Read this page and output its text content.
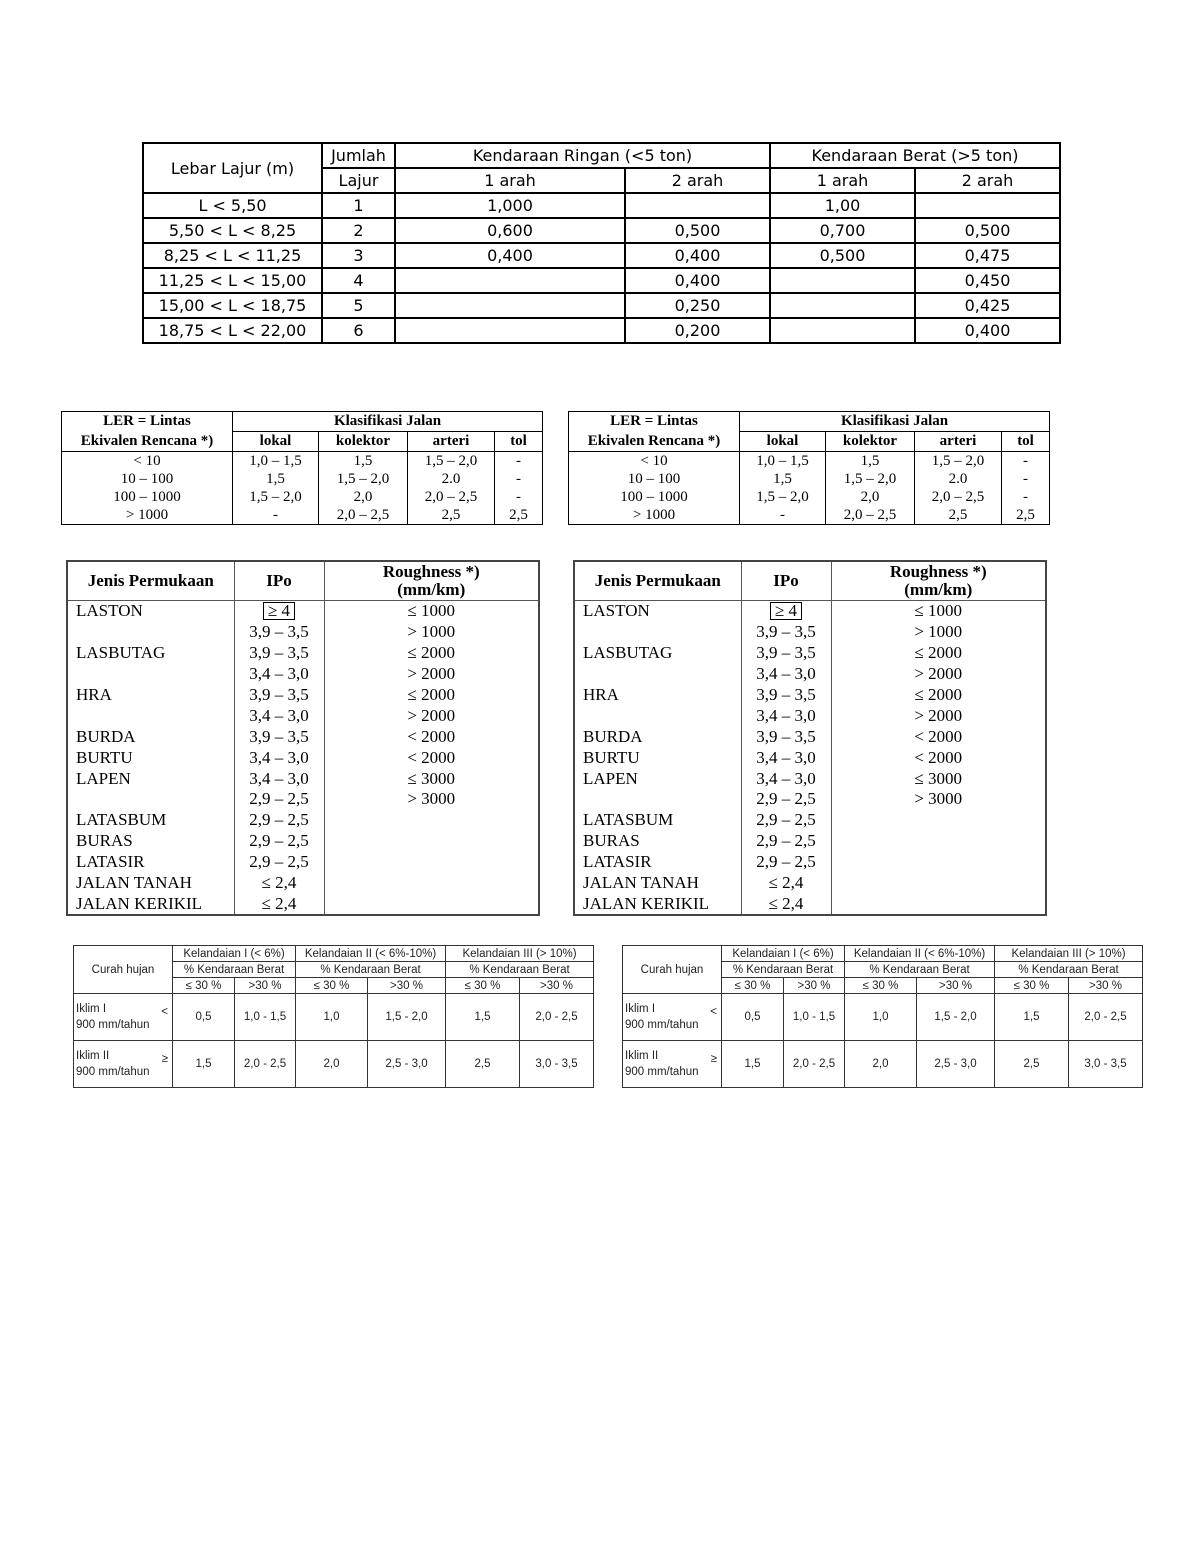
Lebar Lajur (m)	Jumlah	Kendaraan Ringan (<5 ton)		Kendaraan Berat (>5 ton)	
	Lajur	1 arah	2 arah	1 arah	2 arah
L < 5,50	1	1,000		1,00	
5,50 < L < 8,25	2	0,600	0,500	0,700	0,500
8,25 < L < 11,25	3	0,400	0,400	0,500	0,475
11,25 < L < 15,00	4		0,400		0,450
15,00 < L < 18,75	5		0,250		0,425
18,75 < L < 22,00	6		0,200		0,400
LER = Lintas	Klasifikasi Jalan			
Ekivalen Rencana *)	lokal	kolektor	arteri	tol
< 10	1,0 – 1,5	1,5	1,5 – 2,0	-
10 – 100	1,5	1,5 – 2,0	2.0	-
100 – 1000	1,5 – 2,0	2,0	2,0 – 2,5	-
> 1000	-	2,0 – 2,5	2,5	2,5
LER = Lintas	Klasifikasi Jalan			
Ekivalen Rencana *)	lokal	kolektor	arteri	tol
< 10	1,0 – 1,5	1,5	1,5 – 2,0	-
10 – 100	1,5	1,5 – 2,0	2.0	-
100 – 1000	1,5 – 2,0	2,0	2,0 – 2,5	-
> 1000	-	2,0 – 2,5	2,5	2,5
Jenis Permukaan	IPo	Roughness *)
(mm/km)
LASTON	≥ 4	≤ 1000
	3,9 – 3,5	> 1000
LASBUTAG	3,9 – 3,5	≤ 2000
	3,4 – 3,0	> 2000
HRA	3,9 – 3,5	≤ 2000
	3,4 – 3,0	> 2000
BURDA	3,9 – 3,5	< 2000
BURTU	3,4 – 3,0	< 2000
LAPEN	3,4 – 3,0	≤ 3000
	2,9 – 2,5	> 3000
LATASBUM	2,9 – 2,5	
BURAS	2,9 – 2,5	
LATASIR	2,9 – 2,5	
JALAN TANAH	≤ 2,4	
JALAN KERIKIL	≤ 2,4	
Jenis Permukaan	IPo	Roughness *)
(mm/km)
LASTON	≥ 4	≤ 1000
	3,9 – 3,5	> 1000
LASBUTAG	3,9 – 3,5	≤ 2000
	3,4 – 3,0	> 2000
HRA	3,9 – 3,5	≤ 2000
	3,4 – 3,0	> 2000
BURDA	3,9 – 3,5	< 2000
BURTU	3,4 – 3,0	< 2000
LAPEN	3,4 – 3,0	≤ 3000
	2,9 – 2,5	> 3000
LATASBUM	2,9 – 2,5	
BURAS	2,9 – 2,5	
LATASIR	2,9 – 2,5	
JALAN TANAH	≤ 2,4	
JALAN KERIKIL	≤ 2,4	
Curah hujan	Kelandaian I (< 6%)		Kelandaian II (< 6%-10%)		Kelandaian III (> 10%)	
	% Kendaraan Berat		% Kendaraan Berat		% Kendaraan Berat	
	≤ 30 %	>30 %	≤ 30 %	>30 %	≤ 30 %	>30 %
Iklim I <

900 mm/tahun	0,5	1,0 - 1,5	1,0	1,5 - 2,0	1,5	2,0 - 2,5
Iklim II ≥

900 mm/tahun	1,5	2,0 - 2,5	2,0	2,5 - 3,0	2,5	3,0 - 3,5
Curah hujan	Kelandaian I (< 6%)		Kelandaian II (< 6%-10%)		Kelandaian III (> 10%)	
	% Kendaraan Berat		% Kendaraan Berat		% Kendaraan Berat	
	≤ 30 %	>30 %	≤ 30 %	>30 %	≤ 30 %	>30 %
Iklim I <

900 mm/tahun	0,5	1,0 - 1,5	1,0	1,5 - 2,0	1,5	2,0 - 2,5
Iklim II ≥

900 mm/tahun	1,5	2,0 - 2,5	2,0	2,5 - 3,0	2,5	3,0 - 3,5
